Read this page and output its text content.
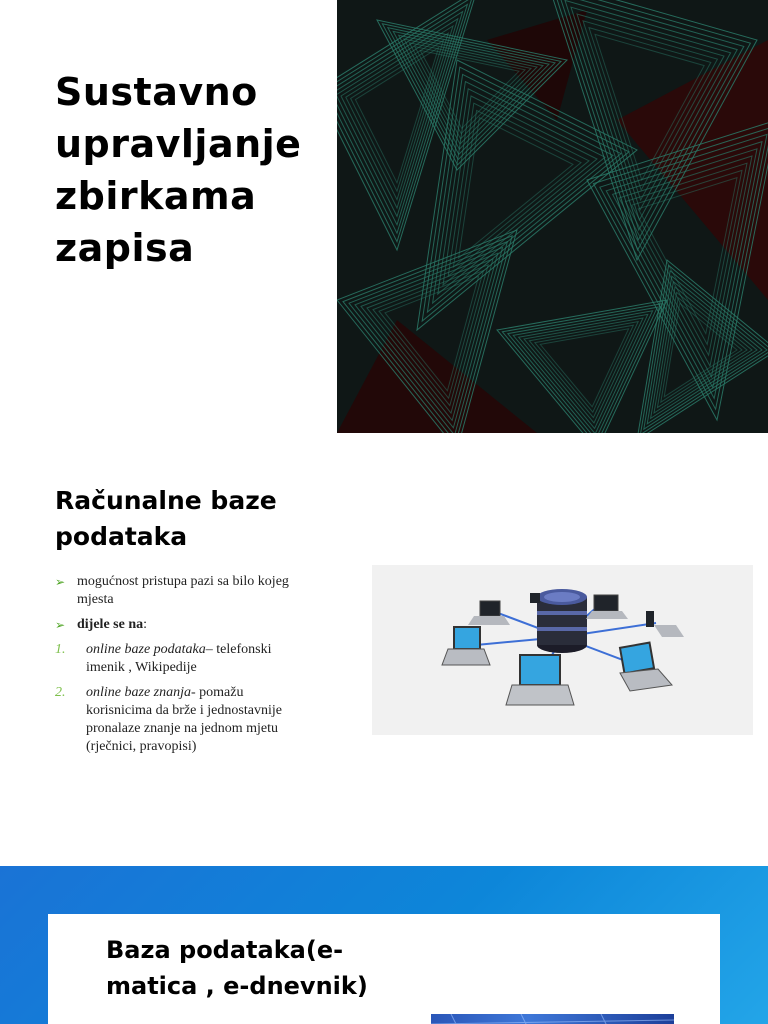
Sustavno upravljanje zbirkama zapisa
Računalne baze podataka
➢ mogućnost pristupa pazi sa bilo kojeg mjesta
➢ dijele se na:
1. online baze podataka– telefonski imenik , Wikipedije
2. online baze znanja- pomažu korisnicima da brže i jednostavnije pronalaze znanje na jednom mjetu (rječnici, pravopisi)
Baza podataka(e-matica , e-dnevnik)
